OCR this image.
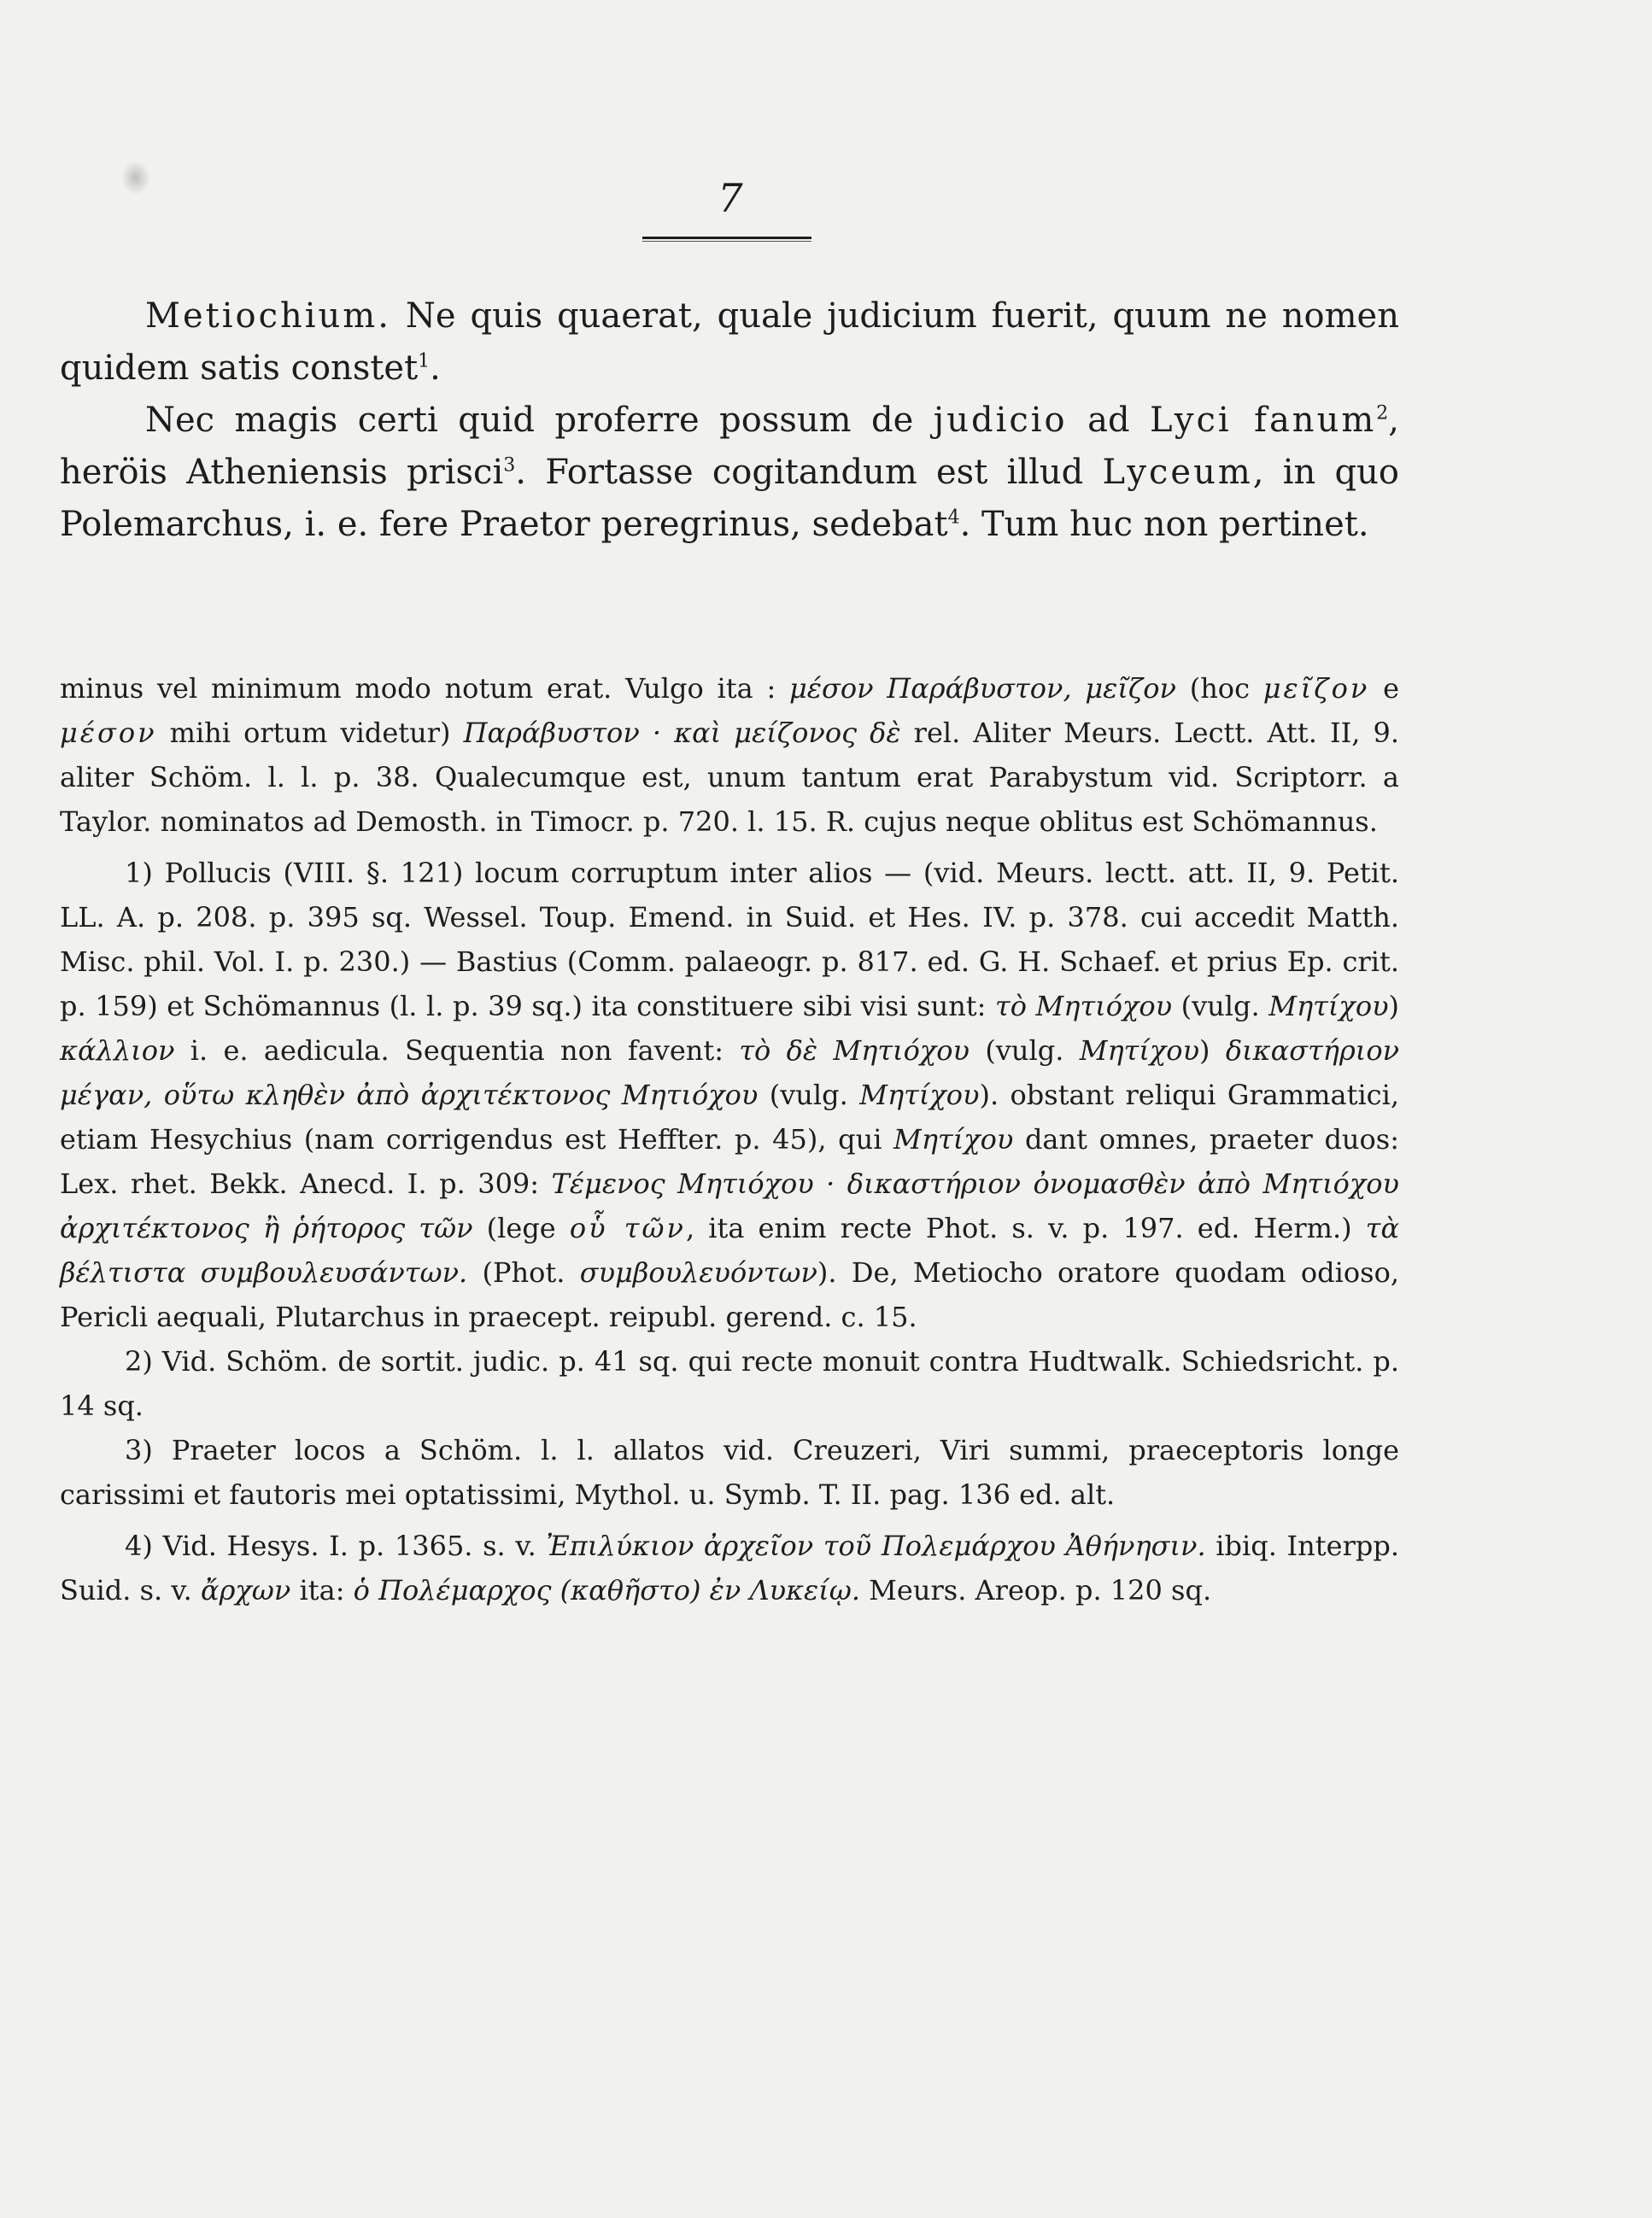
7

Metiochium. Ne quis quaerat, quale judicium fuerit, quum ne nomen quidem satis constet$^1$.

Nec magis certi quid proferre possum de judicio ad Lyci fanum$^2$, heröis Atheniensis prisci$^3$. Fortasse cogitandum est illud Lyceum, in quo Polemarchus, i. e. fere Praetor peregrinus, sedebat$^4$. Tum huc non pertinet.

minus vel minimum modo notum erat. Vulgo ita : μέσον Παράβυστον, μεῖζον (hoc μεῖζον e μέσον mihi ortum videtur) Παράβυστον · καὶ μείζονος δὲ rel. Aliter Meurs. Lectt. Att. II, 9. aliter Schöm. l. l. p. 38. Qualecumque est, unum tantum erat Parabystum vid. Scriptorr. a Taylor. nominatos ad Demosth. in Timocr. p. 720. l. 15. R. cujus neque oblitus est Schömannus.

1) Pollucis (VIII. §. 121) locum corruptum inter alios — (vid. Meurs. lectt. att. II, 9. Petit. LL. A. p. 208. p. 395 sq. Wessel. Toup. Emend. in Suid. et Hes. IV. p. 378. cui accedit Matth. Misc. phil. Vol. I. p. 230.) — Bastius (Comm. palaeogr. p. 817. ed. G. H. Schaef. et prius Ep. crit. p. 159) et Schömannus (l. l. p. 39 sq.) ita constituere sibi visi sunt: τὸ Μητιόχου (vulg. Μητίχου) κάλλιον i. e. aedicula. Sequentia non favent: τὸ δὲ Μητιόχου (vulg. Μητίχου) δικαστήριον μέγαν, οὕτω κληθὲν ἀπὸ ἀρχιτέκτονος Μητιόχου (vulg. Μητίχου). obstant reliqui Grammatici, etiam Hesychius (nam corrigendus est Heffter. p. 45), qui Μητίχου dant omnes, praeter duos: Lex. rhet. Bekk. Anecd. I. p. 309: Τέμενος Μητιόχου · δικαστήριον ὀνομασθὲν ἀπὸ Μητιόχου ἀρχιτέκτονος ἢ ῥήτορος τῶν (lege οὗ τῶν, ita enim recte Phot. s. v. p. 197. ed. Herm.) τὰ βέλτιστα συμβουλευσάντων. (Phot. συμβουλευόντων). De, Metiocho oratore quodam odioso, Pericli aequali, Plutarchus in praecept. reipubl. gerend. c. 15.

2) Vid. Schöm. de sortit. judic. p. 41 sq. qui recte monuit contra Hudtwalk. Schiedsricht. p. 14 sq.

3) Praeter locos a Schöm. l. l. allatos vid. Creuzeri, Viri summi, praeceptoris longe carissimi et fautoris mei optatissimi, Mythol. u. Symb. T. II. pag. 136 ed. alt.

4) Vid. Hesys. I. p. 1365. s. v. Ἐπιλύκιον ἀρχεῖον τοῦ Πολεμάρχου Ἀθήνησιν. ibiq. Interpp. Suid. s. v. ἄρχων ita: ὁ Πολέμαρχος (καθῆστο) ἐν Λυκείῳ. Meurs. Areop. p. 120 sq.
